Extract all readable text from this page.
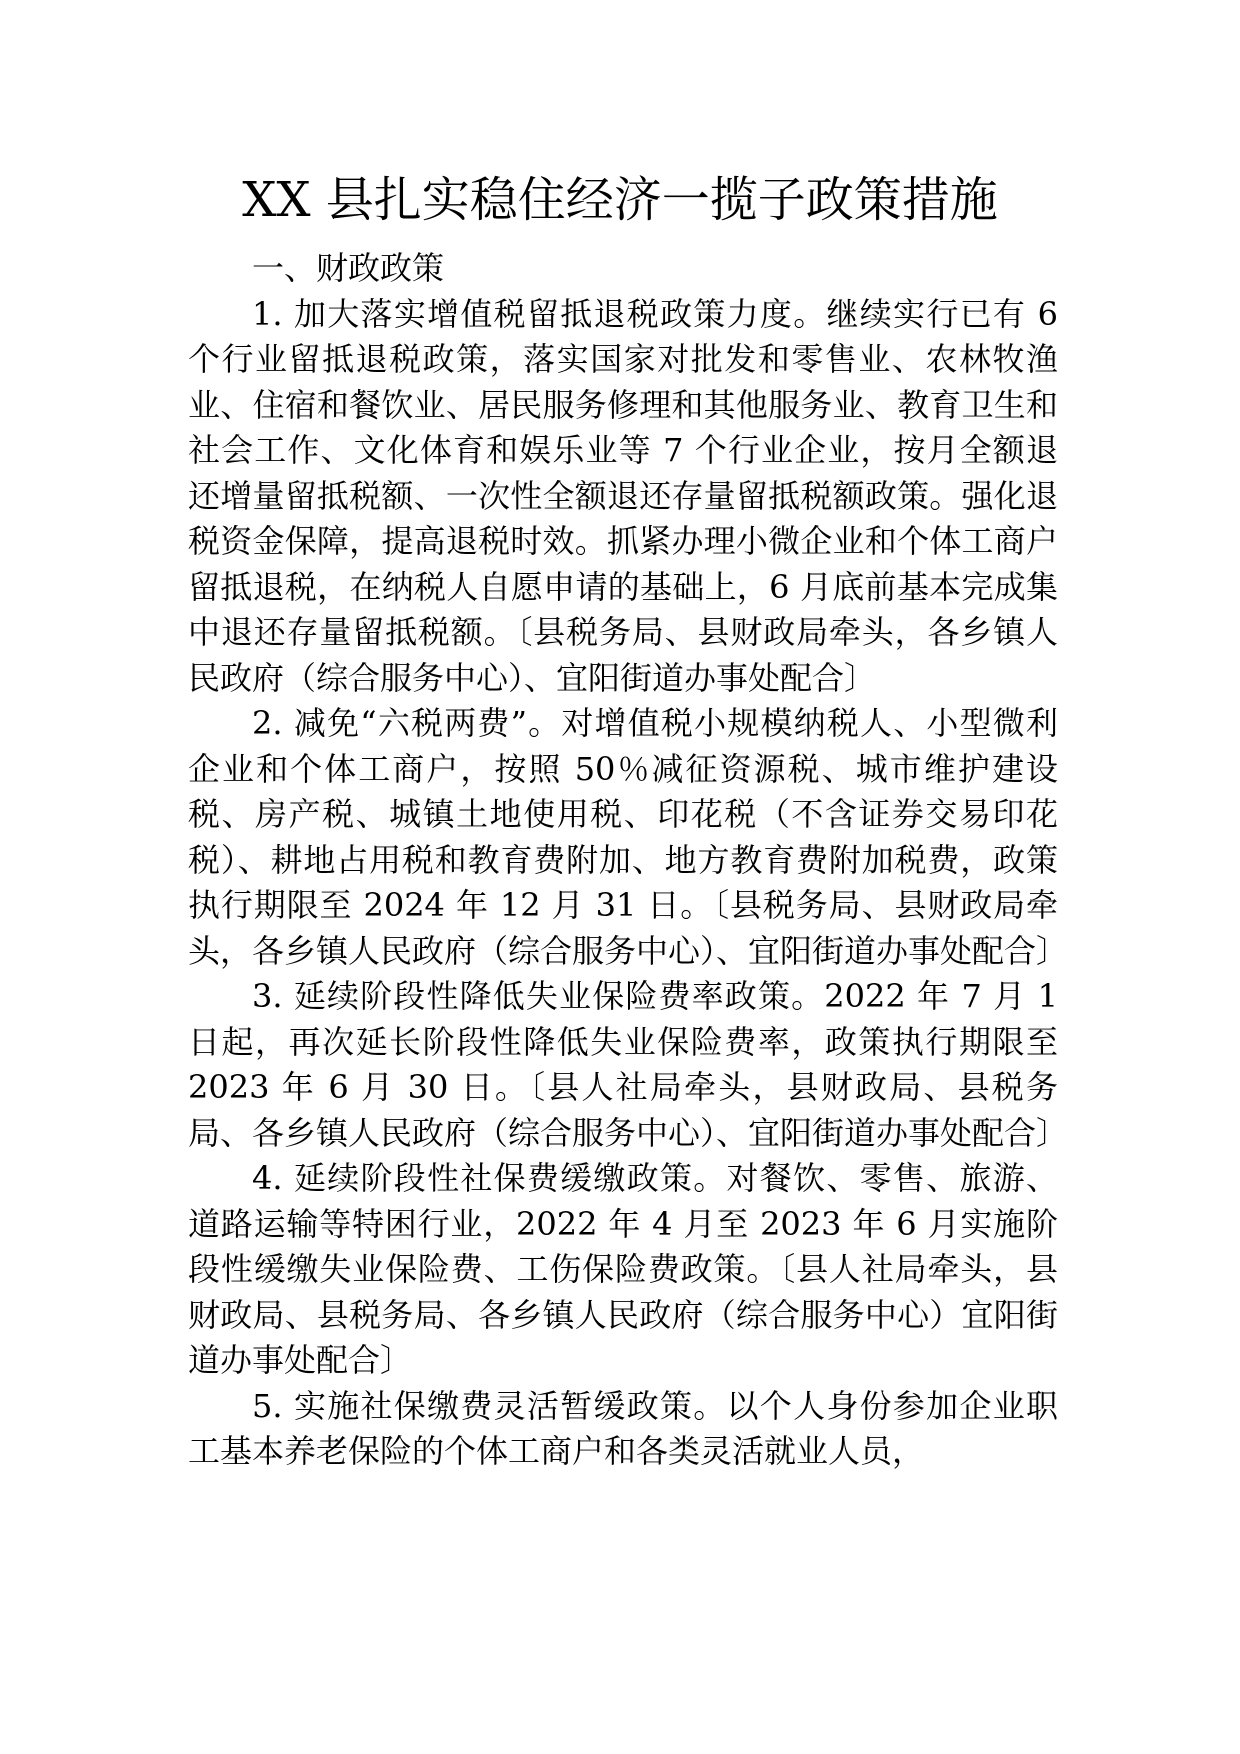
XX 县扎实稳住经济一揽子政策措施

一、财政政策

1. 加大落实增值税留抵退税政策力度。继续实行已有 6 个行业留抵退税政策，落实国家对批发和零售业、农林牧渔业、住宿和餐饮业、居民服务修理和其他服务业、教育卫生和社会工作、文化体育和娱乐业等 7 个行业企业，按月全额退还增量留抵税额、一次性全额退还存量留抵税额政策。强化退税资金保障，提高退税时效。抓紧办理小微企业和个体工商户留抵退税，在纳税人自愿申请的基础上，6 月底前基本完成集中退还存量留抵税额。〔县税务局、县财政局牵头，各乡镇人民政府（综合服务中心）、宜阳街道办事处配合〕

2. 减免“六税两费”。对增值税小规模纳税人、小型微利企业和个体工商户，按照 50％减征资源税、城市维护建设税、房产税、城镇土地使用税、印花税（不含证券交易印花税）、耕地占用税和教育费附加、地方教育费附加税费，政策执行期限至 2024 年 12 月 31 日。〔县税务局、县财政局牵头，各乡镇人民政府（综合服务中心）、宜阳街道办事处配合〕

3. 延续阶段性降低失业保险费率政策。2022 年 7 月 1 日起，再次延长阶段性降低失业保险费率，政策执行期限至 2023 年 6 月 30 日。〔县人社局牵头，县财政局、县税务局、各乡镇人民政府（综合服务中心）、宜阳街道办事处配合〕

4. 延续阶段性社保费缓缴政策。对餐饮、零售、旅游、道路运输等特困行业，2022 年 4 月至 2023 年 6 月实施阶段性缓缴失业保险费、工伤保险费政策。〔县人社局牵头，县财政局、县税务局、各乡镇人民政府（综合服务中心）宜阳街道办事处配合〕

5. 实施社保缴费灵活暂缓政策。以个人身份参加企业职工基本养老保险的个体工商户和各类灵活就业人员，
